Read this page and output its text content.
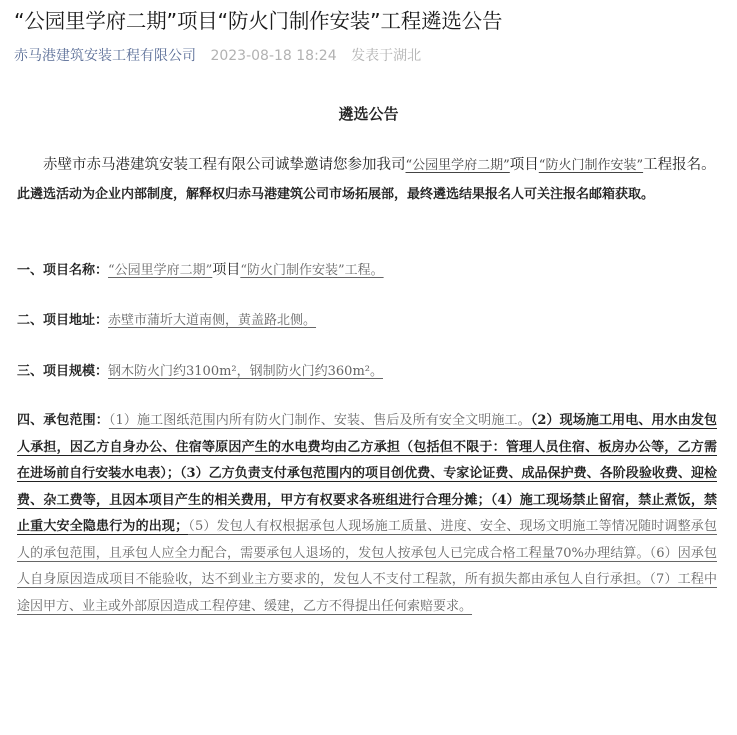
“公园里学府二期”项目“防火门制作安装”工程遴选公告
赤马港建筑安装工程有限公司 2023-08-18 18:24 发表于湖北
遴选公告

赤壁市赤马港建筑安装工程有限公司诚挚邀请您参加我司“公园里学府二期”项目“防火门制作安装”工程报名。此遴选活动为企业内部制度，解释权归赤马港建筑公司市场拓展部，最终遴选结果报名人可关注报名邮箱获取。

一、项目名称：“公园里学府二期”项目“防火门制作安装”工程。

二、项目地址：赤壁市蒲圻大道南侧，黄盖路北侧。

三、项目规模：钢木防火门约3100m²，钢制防火门约360m²。

四、承包范围：（1）施工图纸范围内所有防火门制作、安装、售后及所有安全文明施工。（2）现场施工用电、用水由发包人承担，因乙方自身办公、住宿等原因产生的水电费均由乙方承担（包括但不限于：管理人员住宿、板房办公等，乙方需在进场前自行安装水电表）；（3）乙方负责支付承包范围内的项目创优费、专家论证费、成品保护费、各阶段验收费、迎检费、杂工费等，且因本项目产生的相关费用，甲方有权要求各班组进行合理分摊；（4）施工现场禁止留宿，禁止煮饭，禁止重大安全隐患行为的出现；（5）发包人有权根据承包人现场施工质量、进度、安全、现场文明施工等情况随时调整承包人的承包范围，且承包人应全力配合，需要承包人退场的，发包人按承包人已完成合格工程量70%办理结算。（6）因承包人自身原因造成项目不能验收，达不到业主方要求的，发包人不支付工程款，所有损失都由承包人自行承担。（7）工程中途因甲方、业主或外部原因造成工程停建、缓建，乙方不得提出任何索赔要求。
